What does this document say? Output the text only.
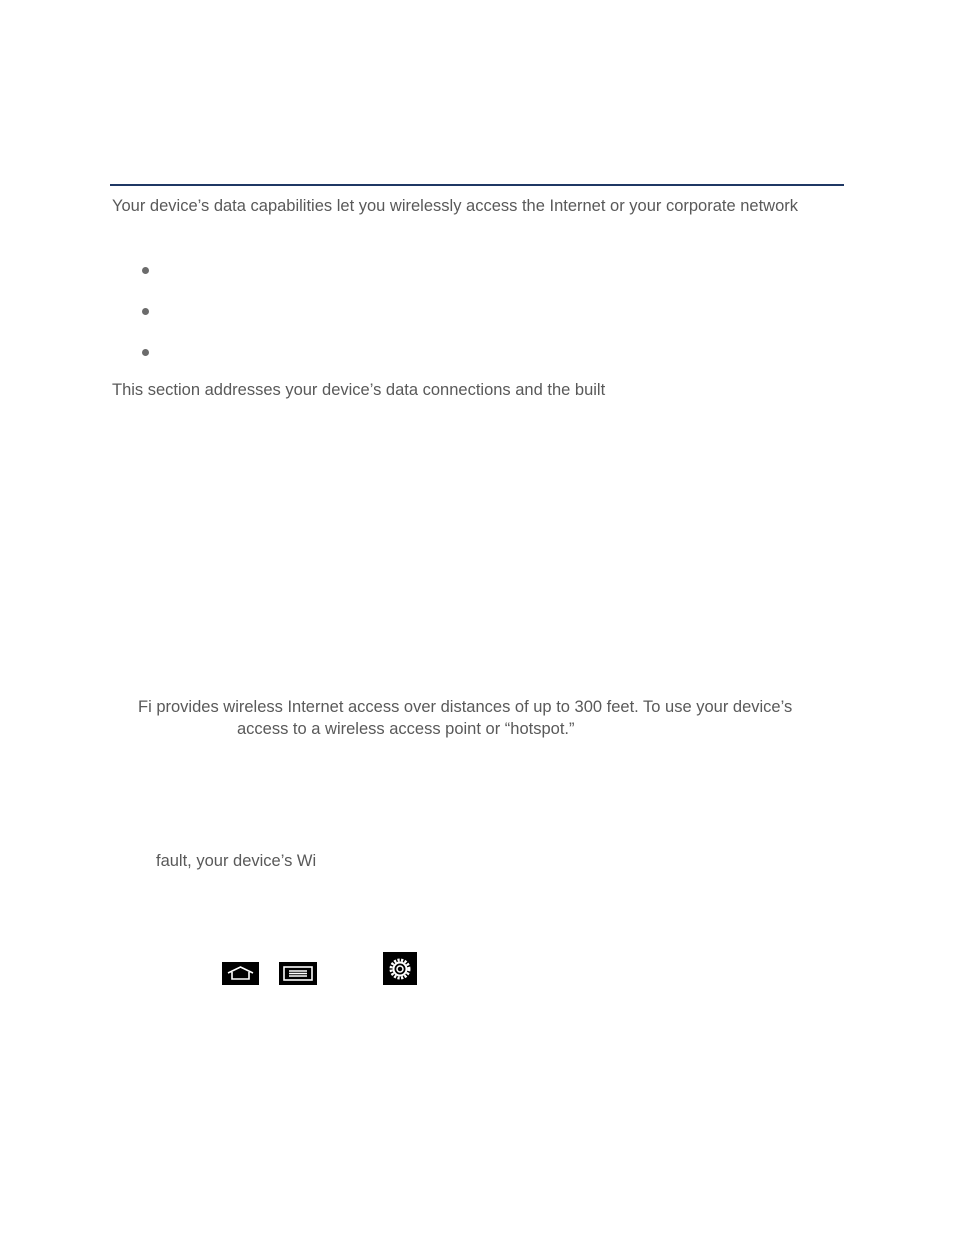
Your device’s data capabilities let you wirelessly access the Internet or your corporate network
This section addresses your device’s data connections and the built
Fi provides wireless Internet access over distances of up to 300 feet. To use your device’s
access to a wireless access point or “hotspot.”
fault, your device’s Wi
